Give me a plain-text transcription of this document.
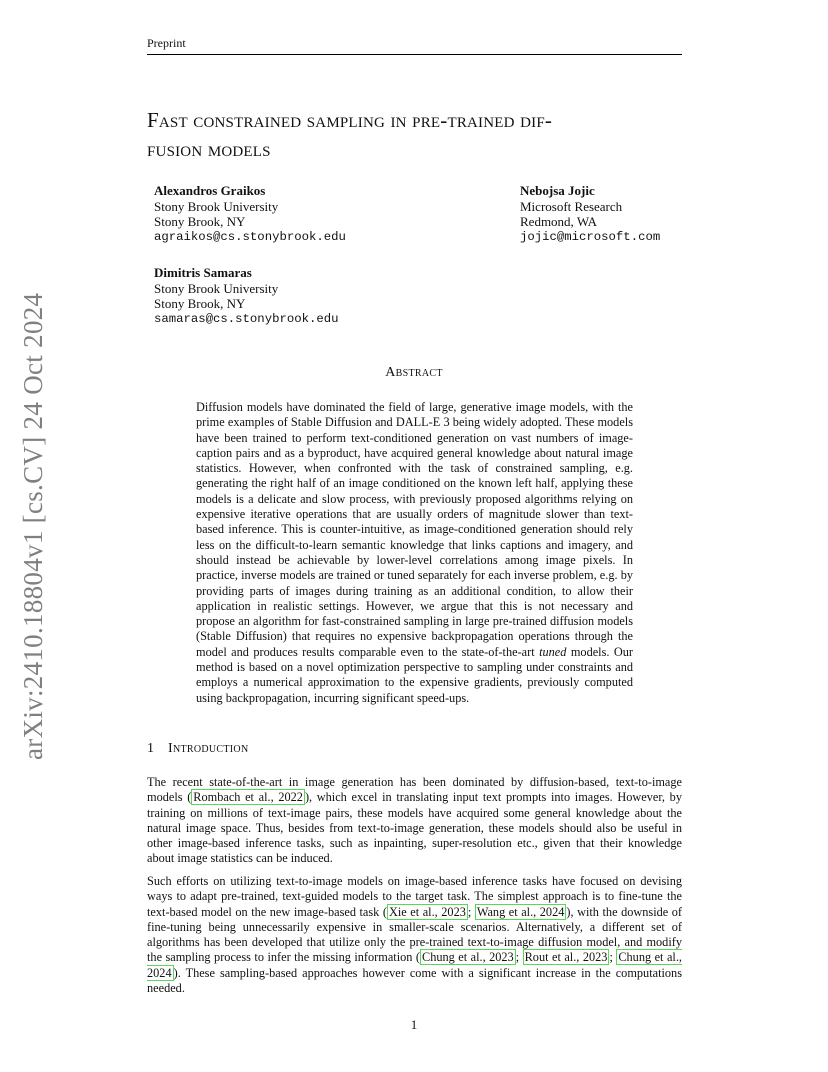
Preprint
arXiv:2410.18804v1 [cs.CV] 24 Oct 2024
Fast constrained sampling in pre-trained dif-
fusion models
Alexandros Graikos
Stony Brook University
Stony Brook, NY
agraikos@cs.stonybrook.edu
Nebojsa Jojic
Microsoft Research
Redmond, WA
jojic@microsoft.com
Dimitris Samaras
Stony Brook University
Stony Brook, NY
samaras@cs.stonybrook.edu
Abstract
Diffusion models have dominated the field of large, generative image models, with the prime examples of Stable Diffusion and DALL-E 3 being widely adopted. These models have been trained to perform text-conditioned generation on vast numbers of image-caption pairs and as a byproduct, have acquired general knowledge about natural image statistics. However, when confronted with the task of constrained sampling, e.g. generating the right half of an image conditioned on the known left half, applying these models is a delicate and slow process, with previously proposed algorithms relying on expensive iterative operations that are usually orders of magnitude slower than text-based inference. This is counter-intuitive, as image-conditioned generation should rely less on the difficult-to-learn semantic knowledge that links captions and imagery, and should instead be achievable by lower-level correlations among image pixels. In practice, inverse models are trained or tuned separately for each inverse problem, e.g. by providing parts of images during training as an additional condition, to allow their application in realistic settings. However, we argue that this is not necessary and propose an algorithm for fast-constrained sampling in large pre-trained diffusion models (Stable Diffusion) that requires no expensive backpropagation operations through the model and produces results comparable even to the state-of-the-art tuned models. Our method is based on a novel optimization perspective to sampling under constraints and employs a numerical approximation to the expensive gradients, previously computed using backpropagation, incurring significant speed-ups.
1 Introduction
The recent state-of-the-art in image generation has been dominated by diffusion-based, text-to-image models ( Rombach et al., 2022 ), which excel in translating input text prompts into images. However, by training on millions of text-image pairs, these models have acquired some general knowledge about the natural image space. Thus, besides from text-to-image generation, these models should also be useful in other image-based inference tasks, such as inpainting, super-resolution etc., given that their knowledge about image statistics can be induced.
Such efforts on utilizing text-to-image models on image-based inference tasks have focused on devising ways to adapt pre-trained, text-guided models to the target task. The simplest approach is to fine-tune the text-based model on the new image-based task ( Xie et al., 2023 ; Wang et al., 2024 ), with the downside of fine-tuning being unnecessarily expensive in smaller-scale scenarios. Alternatively, a different set of algorithms has been developed that utilize only the pre-trained text-to-image diffusion model, and modify the sampling process to infer the missing information ( Chung et al., 2023 ; Rout et al., 2023 ; Chung et al., 2024 ). These sampling-based approaches however come with a significant increase in the computations needed.
1
